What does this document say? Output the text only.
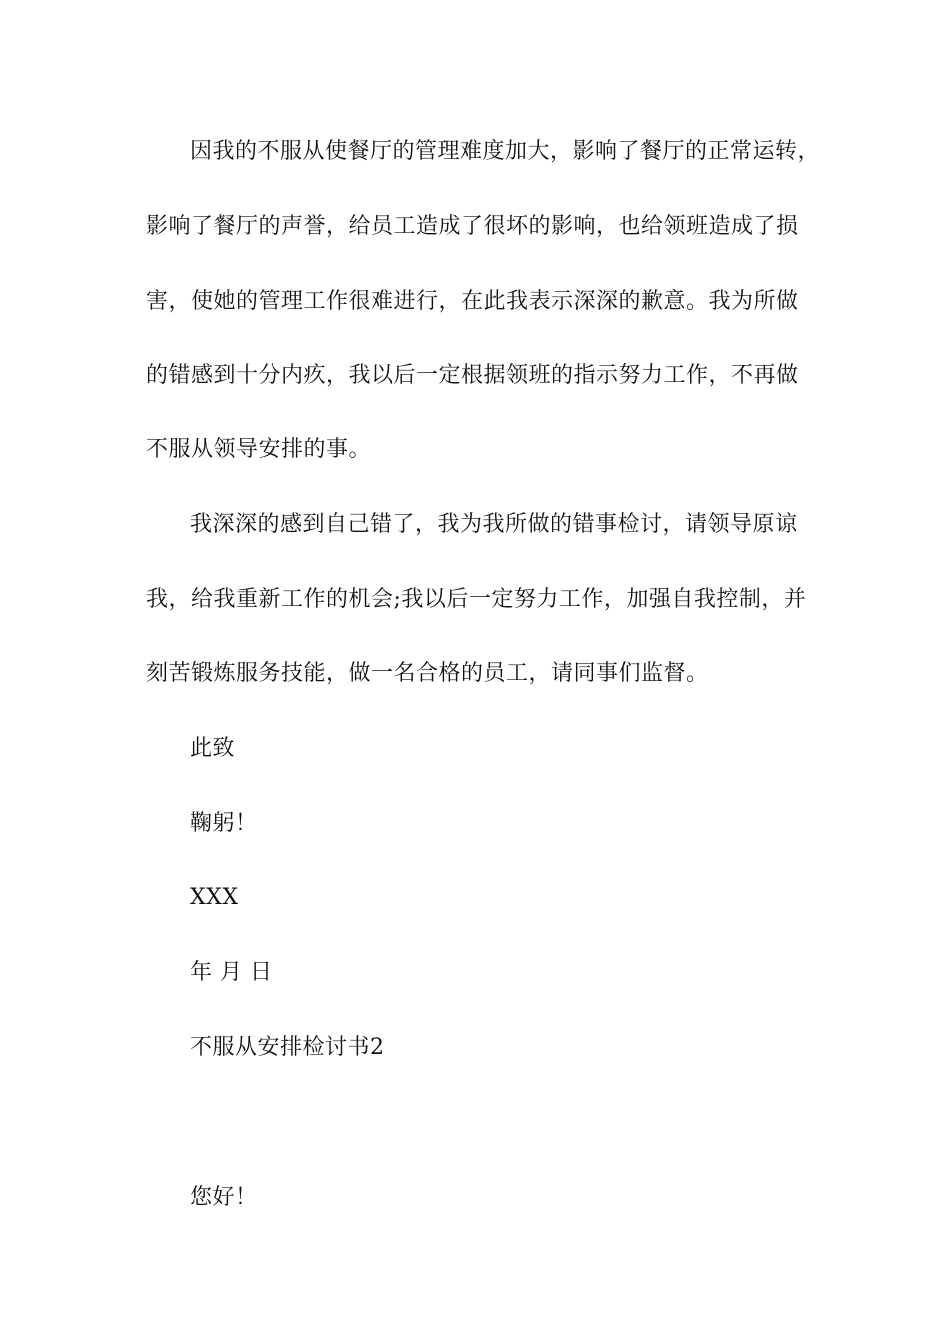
因我的不服从使餐厅的管理难度加大，影响了餐厅的正常运转，
影响了餐厅的声誉，给员工造成了很坏的影响，也给领班造成了损
害，使她的管理工作很难进行，在此我表示深深的歉意。我为所做
的错感到十分内疚，我以后一定根据领班的指示努力工作，不再做
不服从领导安排的事。
我深深的感到自己错了，我为我所做的错事检讨，请领导原谅
我，给我重新工作的机会;我以后一定努力工作，加强自我控制，并
刻苦锻炼服务技能，做一名合格的员工，请同事们监督。
此致
鞠躬！
XXX
年 月 日
不服从安排检讨书2
您好！
